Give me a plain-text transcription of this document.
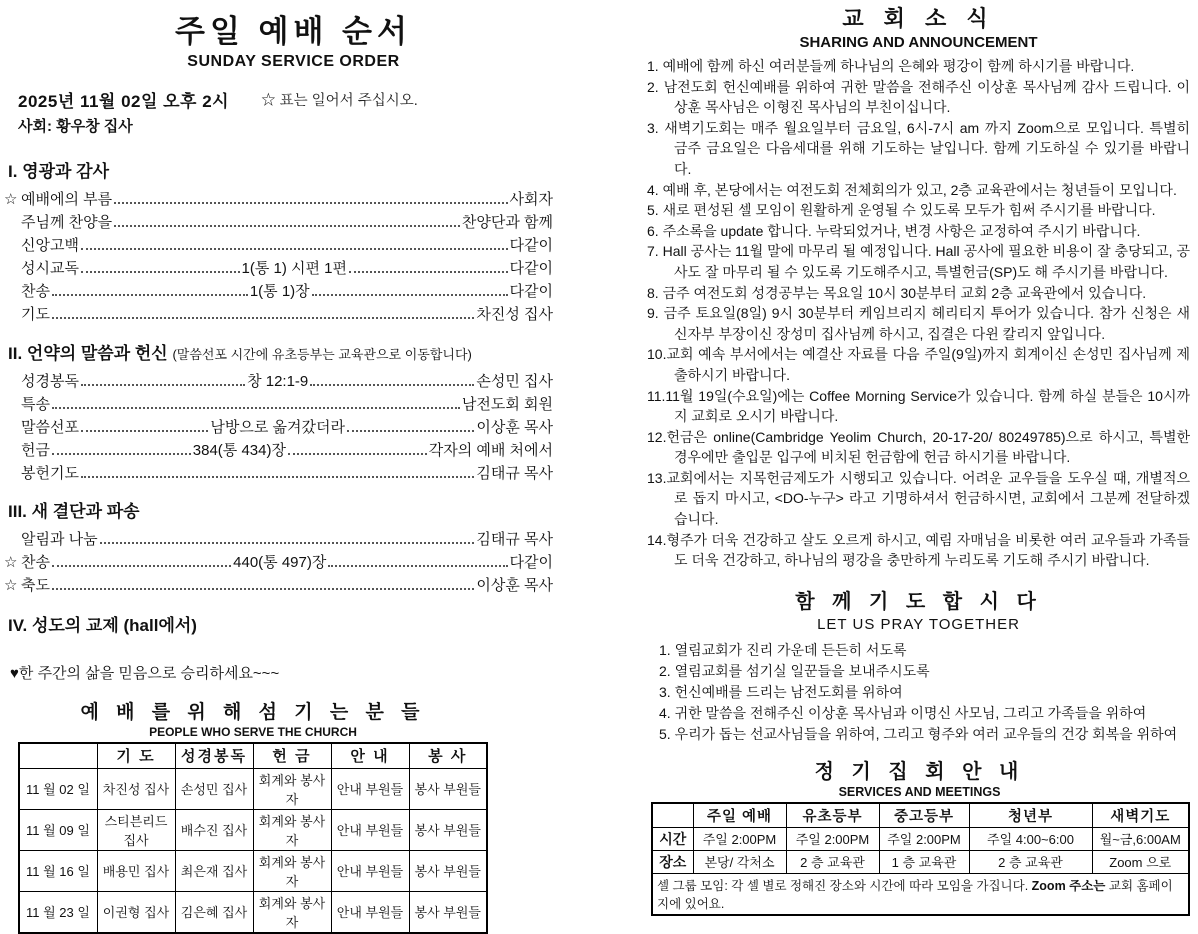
주일 예배 순서
SUNDAY SERVICE ORDER
2025년 11월 02일 오후 2시 ☆ 표는 일어서 주십시오.
사회: 황우창 집사
I. 영광과 감사
☆ 예배에의 부름	사회자
주님께 찬양을	찬양단과 함께
신앙고백	다같이
성시교독	1(통 1) 시편 1편	다같이
찬송	1(통 1)장	다같이
기도	차진성 집사
II. 언약의 말씀과 헌신 (말씀선포 시간에 유초등부는 교육관으로 이동합니다)
성경봉독	창 12:1-9	손성민 집사
특송	남전도회 회원
말씀선포	남방으로 옮겨갔더라	이상훈 목사
헌금	384(통 434)장	각자의 예배 처에서
봉헌기도	김태규 목사
III. 새 결단과 파송
알림과 나눔	김태규 목사
☆ 찬송	440(통 497)장	다같이
☆ 축도	이상훈 목사
IV. 성도의 교제 (hall에서)
♥한 주간의 삶을 믿음으로 승리하세요~~~
예 배 를 위 해 섬 기 는 분 들
PEOPLE WHO SERVE THE CHURCH
	기 도	성경봉독	헌 금	안 내	봉 사
11 월 02 일	차진성 집사	손성민 집사	회계와 봉사자	안내 부원들	봉사 부원들
11 월 09 일	스티븐리드집사	배수진 집사	회계와 봉사자	안내 부원들	봉사 부원들
11 월 16 일	배용민 집사	최은재 집사	회계와 봉사자	안내 부원들	봉사 부원들
11 월 23 일	이권형 집사	김은혜 집사	회계와 봉사자	안내 부원들	봉사 부원들
교 회 소 식
SHARING AND ANNOUNCEMENT
1. 예배에 함께 하신 여러분들께 하나님의 은혜와 평강이 함께 하시기를 바랍니다.
2. 남전도회 헌신예배를 위하여 귀한 말씀을 전해주신 이상훈 목사님께 감사 드립니다. 이상훈 목사님은 이형진 목사님의 부친이십니다.
3. 새벽기도회는 매주 월요일부터 금요일, 6시-7시 am 까지 Zoom으로 모입니다. 특별히 금주 금요일은 다음세대를 위해 기도하는 날입니다. 함께 기도하실 수 있기를 바랍니다.
4. 예배 후, 본당에서는 여전도회 전체회의가 있고, 2층 교육관에서는 청년들이 모입니다.
5. 새로 편성된 셀 모임이 원활하게 운영될 수 있도록 모두가 힘써 주시기를 바랍니다.
6. 주소록을 update 합니다. 누락되었거나, 변경 사항은 교정하여 주시기 바랍니다.
7. Hall 공사는 11월 말에 마무리 될 예정입니다. Hall 공사에 필요한 비용이 잘 충당되고, 공사도 잘 마무리 될 수 있도록 기도해주시고, 특별헌금(SP)도 해 주시기를 바랍니다.
8. 금주 여전도회 성경공부는 목요일 10시 30분부터 교회 2층 교육관에서 있습니다.
9. 금주 토요일(8일) 9시 30분부터 케임브리지 헤리티지 투어가 있습니다. 참가 신청은 새신자부 부장이신 장성미 집사님께 하시고, 집결은 다윈 칼리지 앞입니다.
10.교회 예속 부서에서는 예결산 자료를 다음 주일(9일)까지 회계이신 손성민 집사님께 제출하시기 바랍니다.
11.11월 19일(수요일)에는 Coffee Morning Service가 있습니다. 함께 하실 분들은 10시까지 교회로 오시기 바랍니다.
12.헌금은 online(Cambridge Yeolim Church, 20-17-20/ 80249785)으로 하시고, 특별한 경우에만 출입문 입구에 비치된 헌금함에 헌금 하시기를 바랍니다.
13.교회에서는 지목헌금제도가 시행되고 있습니다. 어려운 교우들을 도우실 때, 개별적으로 돕지 마시고, <DO-누구> 라고 기명하셔서 헌금하시면, 교회에서 그분께 전달하겠습니다.
14.형주가 더욱 건강하고 살도 오르게 하시고, 예림 자매님을 비롯한 여러 교우들과 가족들도 더욱 건강하고, 하나님의 평강을 충만하게 누리도록 기도해 주시기 바랍니다.
함 께 기 도 합 시 다
LET US PRAY TOGETHER
1. 열림교회가 진리 가운데 든든히 서도록
2. 열림교회를 섬기실 일꾼들을 보내주시도록
3. 헌신예배를 드리는 남전도회를 위하여
4. 귀한 말씀을 전해주신 이상훈 목사님과 이명신 사모님, 그리고 가족들을 위하여
5. 우리가 돕는 선교사님들을 위하여, 그리고 형주와 여러 교우들의 건강 회복을 위하여
정 기 집 회 안 내
SERVICES AND MEETINGS
	주일 예배	유초등부	중고등부	청년부	새벽기도
시간	주일 2:00PM	주일 2:00PM	주일 2:00PM	주일 4:00~6:00	월~금,6:00AM
장소	본당/ 각처소	2 층 교육관	1 층 교육관	2 층 교육관	Zoom 으로
셀 그룹 모임: 각 셀 별로 정해진 장소와 시간에 따라 모임을 가집니다. Zoom 주소는 교회 홈페이지에 있어요.					
